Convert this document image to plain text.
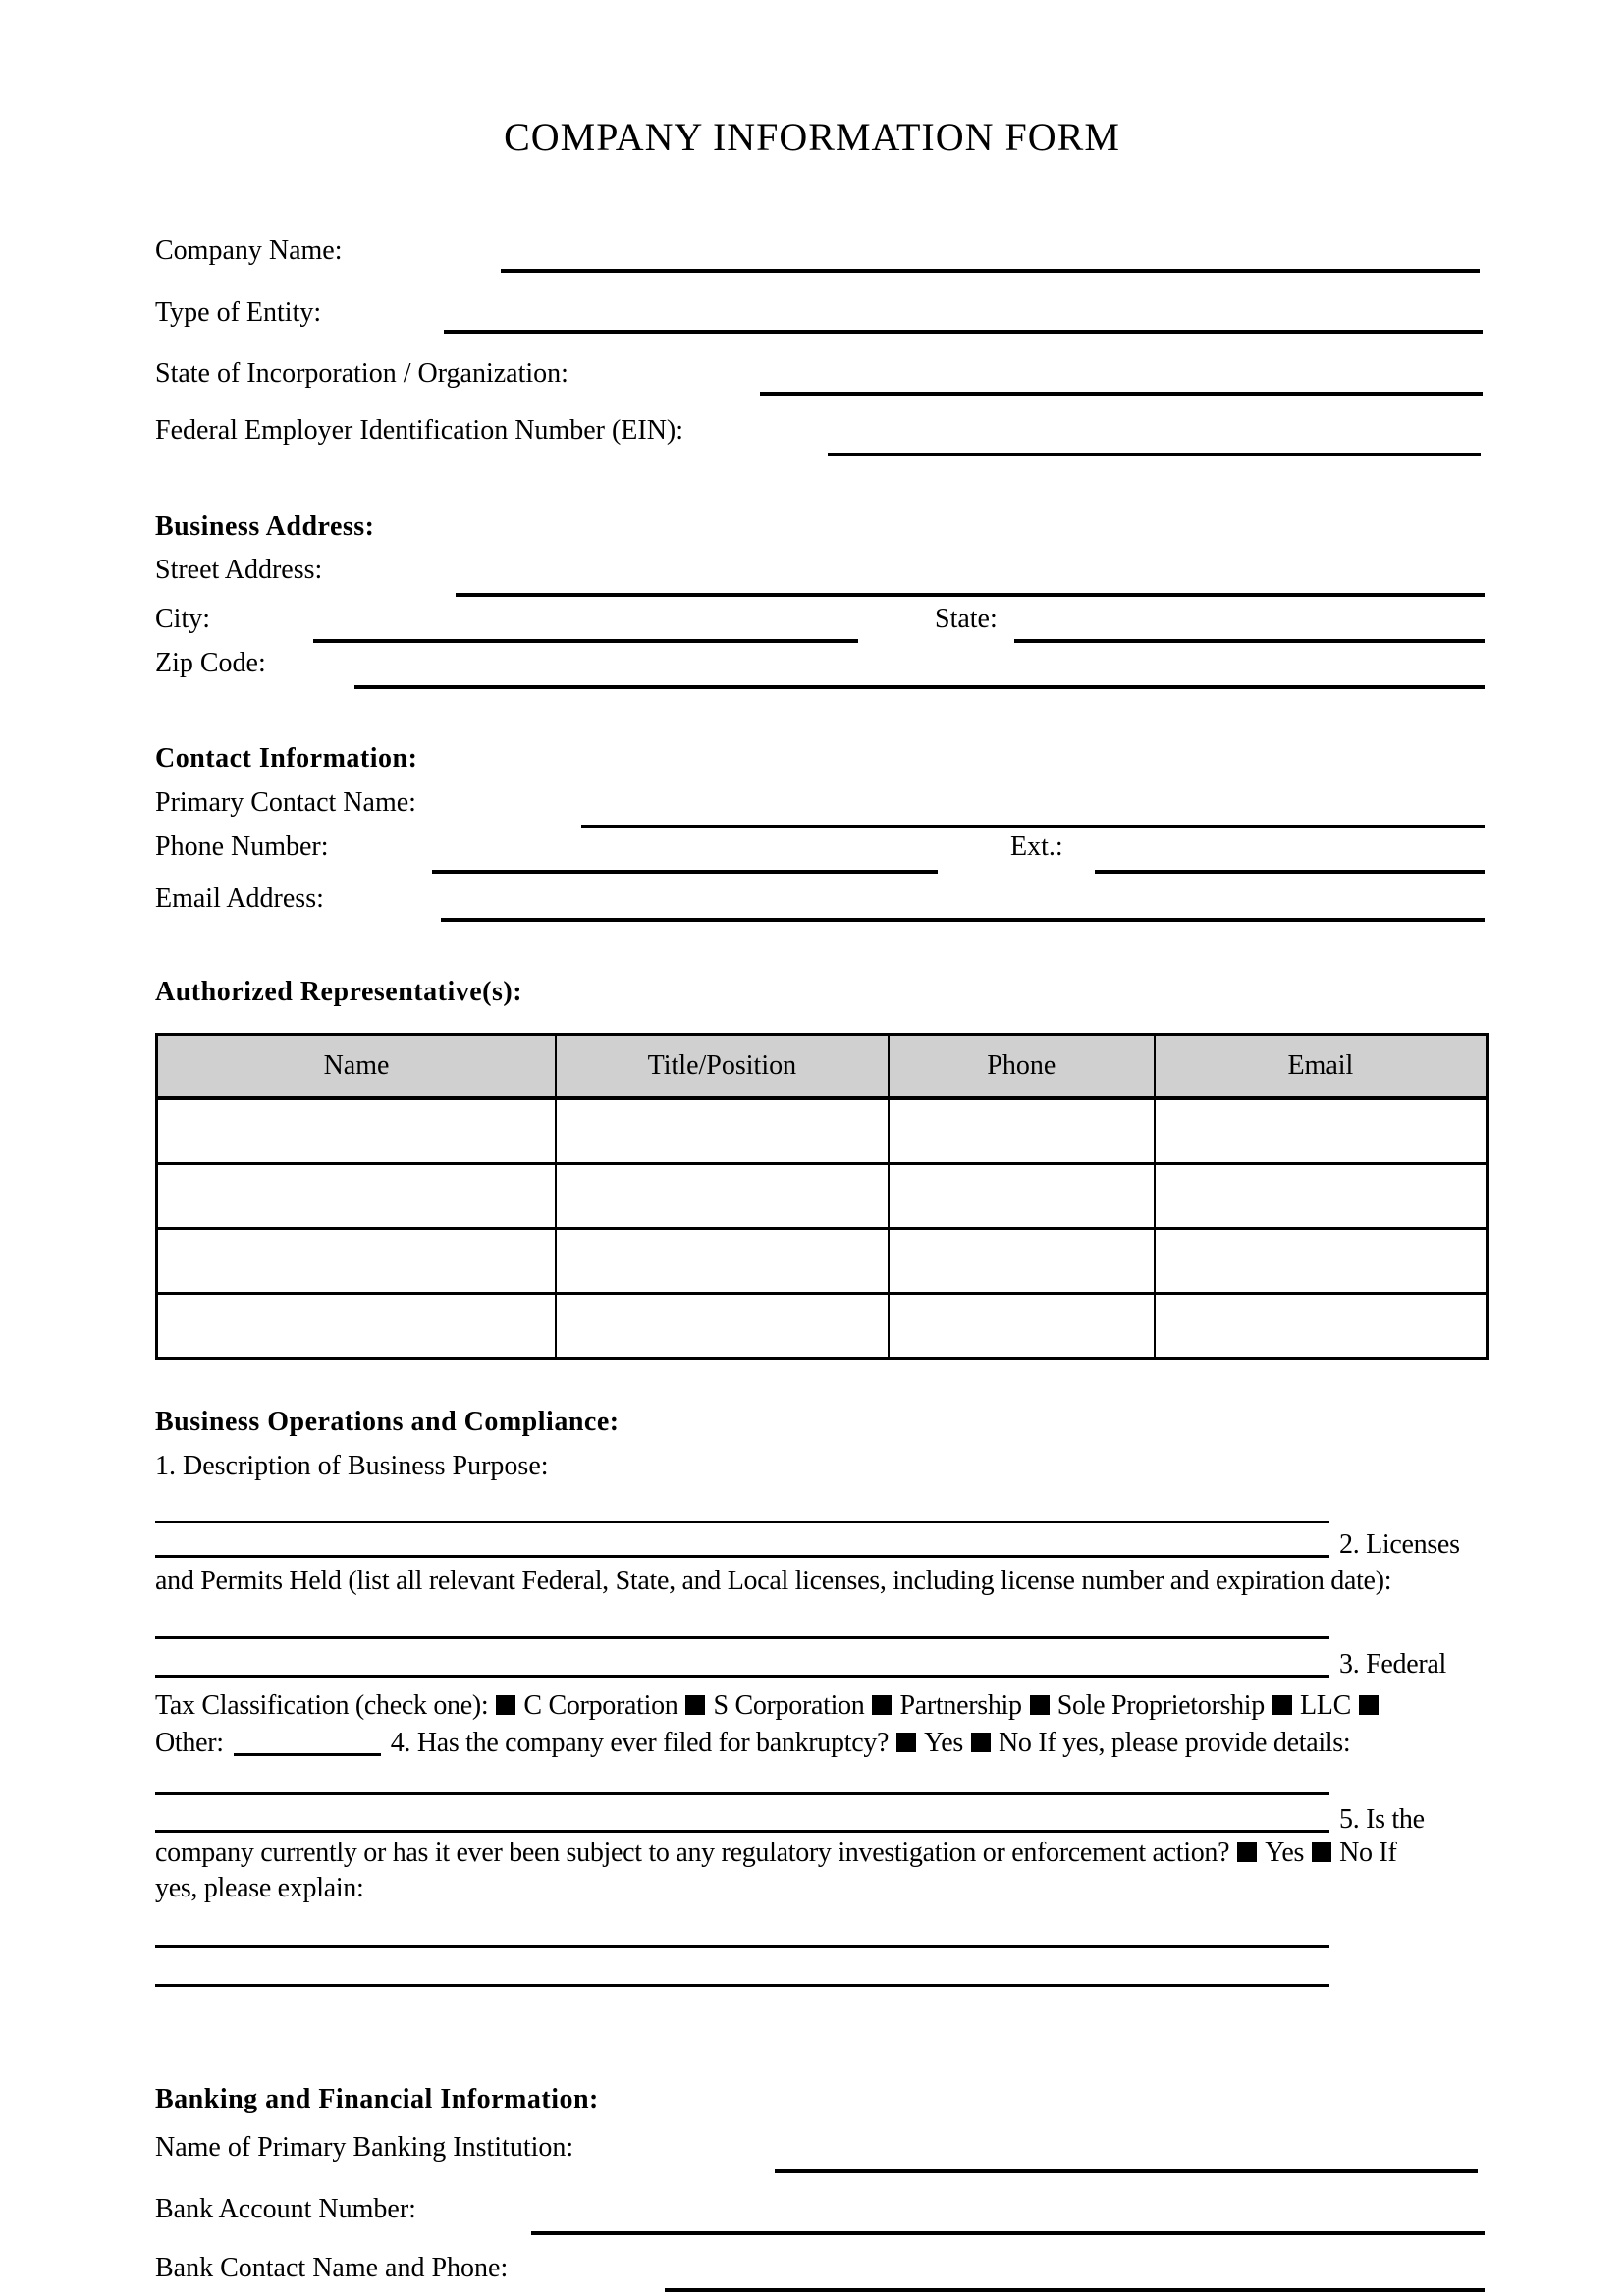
COMPANY INFORMATION FORM
Company Name:
Type of Entity:
State of Incorporation / Organization:
Federal Employer Identification Number (EIN):
Business Address:
Street Address:
City:	State:
Zip Code:
Contact Information:
Primary Contact Name:
Phone Number:	Ext.:
Email Address:
Authorized Representative(s):
Name	Title/Position	Phone	Email

Business Operations and Compliance:
1. Description of Business Purpose:
2. Licenses
and Permits Held (list all relevant Federal, State, and Local licenses, including license number and expiration date):
3. Federal
Tax Classification (check one): C Corporation S Corporation Partnership Sole Proprietorship LLC
Other:	4. Has the company ever filed for bankruptcy? Yes No If yes, please provide details:
5. Is the
company currently or has it ever been subject to any regulatory investigation or enforcement action? Yes No If
yes, please explain:
Banking and Financial Information:
Name of Primary Banking Institution:
Bank Account Number:
Bank Contact Name and Phone:
